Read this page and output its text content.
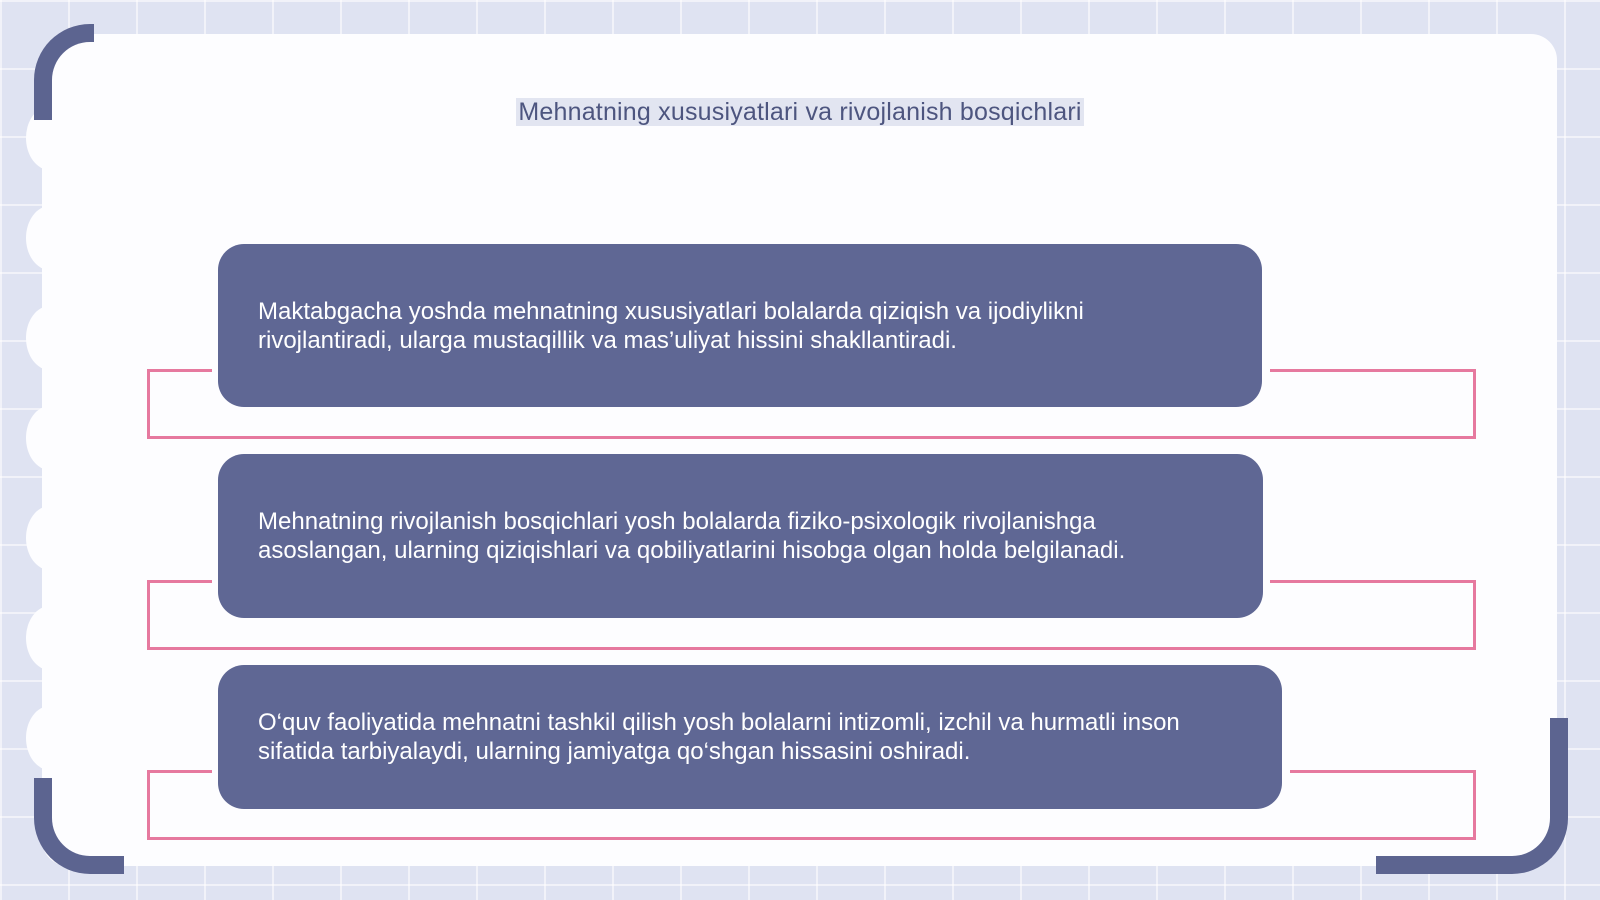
Mehnatning xususiyatlari va rivojlanish bosqichlari

Maktabgacha yoshda mehnatning xususiyatlari bolalarda qiziqish va ijodiylikni rivojlantiradi, ularga mustaqillik va mas’uliyat hissini shakllantiradi.

Mehnatning rivojlanish bosqichlari yosh bolalarda fiziko-psixologik rivojlanishga asoslangan, ularning qiziqishlari va qobiliyatlarini hisobga olgan holda belgilanadi.

O‘quv faoliyatida mehnatni tashkil qilish yosh bolalarni intizomli, izchil va hurmatli inson sifatida tarbiyalaydi, ularning jamiyatga qo‘shgan hissasini oshiradi.
